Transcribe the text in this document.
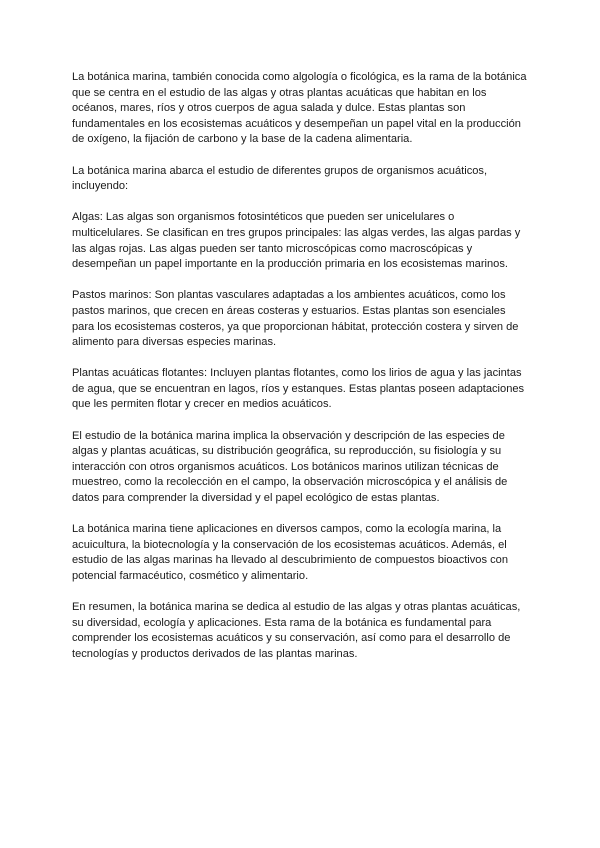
La botánica marina, también conocida como algología o ficológica, es la rama de la botánica
que se centra en el estudio de las algas y otras plantas acuáticas que habitan en los
océanos, mares, ríos y otros cuerpos de agua salada y dulce. Estas plantas son
fundamentales en los ecosistemas acuáticos y desempeñan un papel vital en la producción
de oxígeno, la fijación de carbono y la base de la cadena alimentaria.

La botánica marina abarca el estudio de diferentes grupos de organismos acuáticos,
incluyendo:

Algas: Las algas son organismos fotosintéticos que pueden ser unicelulares o
multicelulares. Se clasifican en tres grupos principales: las algas verdes, las algas pardas y
las algas rojas. Las algas pueden ser tanto microscópicas como macroscópicas y
desempeñan un papel importante en la producción primaria en los ecosistemas marinos.

Pastos marinos: Son plantas vasculares adaptadas a los ambientes acuáticos, como los
pastos marinos, que crecen en áreas costeras y estuarios. Estas plantas son esenciales
para los ecosistemas costeros, ya que proporcionan hábitat, protección costera y sirven de
alimento para diversas especies marinas.

Plantas acuáticas flotantes: Incluyen plantas flotantes, como los lirios de agua y las jacintas
de agua, que se encuentran en lagos, ríos y estanques. Estas plantas poseen adaptaciones
que les permiten flotar y crecer en medios acuáticos.

El estudio de la botánica marina implica la observación y descripción de las especies de
algas y plantas acuáticas, su distribución geográfica, su reproducción, su fisiología y su
interacción con otros organismos acuáticos. Los botánicos marinos utilizan técnicas de
muestreo, como la recolección en el campo, la observación microscópica y el análisis de
datos para comprender la diversidad y el papel ecológico de estas plantas.

La botánica marina tiene aplicaciones en diversos campos, como la ecología marina, la
acuicultura, la biotecnología y la conservación de los ecosistemas acuáticos. Además, el
estudio de las algas marinas ha llevado al descubrimiento de compuestos bioactivos con
potencial farmacéutico, cosmético y alimentario.

En resumen, la botánica marina se dedica al estudio de las algas y otras plantas acuáticas,
su diversidad, ecología y aplicaciones. Esta rama de la botánica es fundamental para
comprender los ecosistemas acuáticos y su conservación, así como para el desarrollo de
tecnologías y productos derivados de las plantas marinas.
